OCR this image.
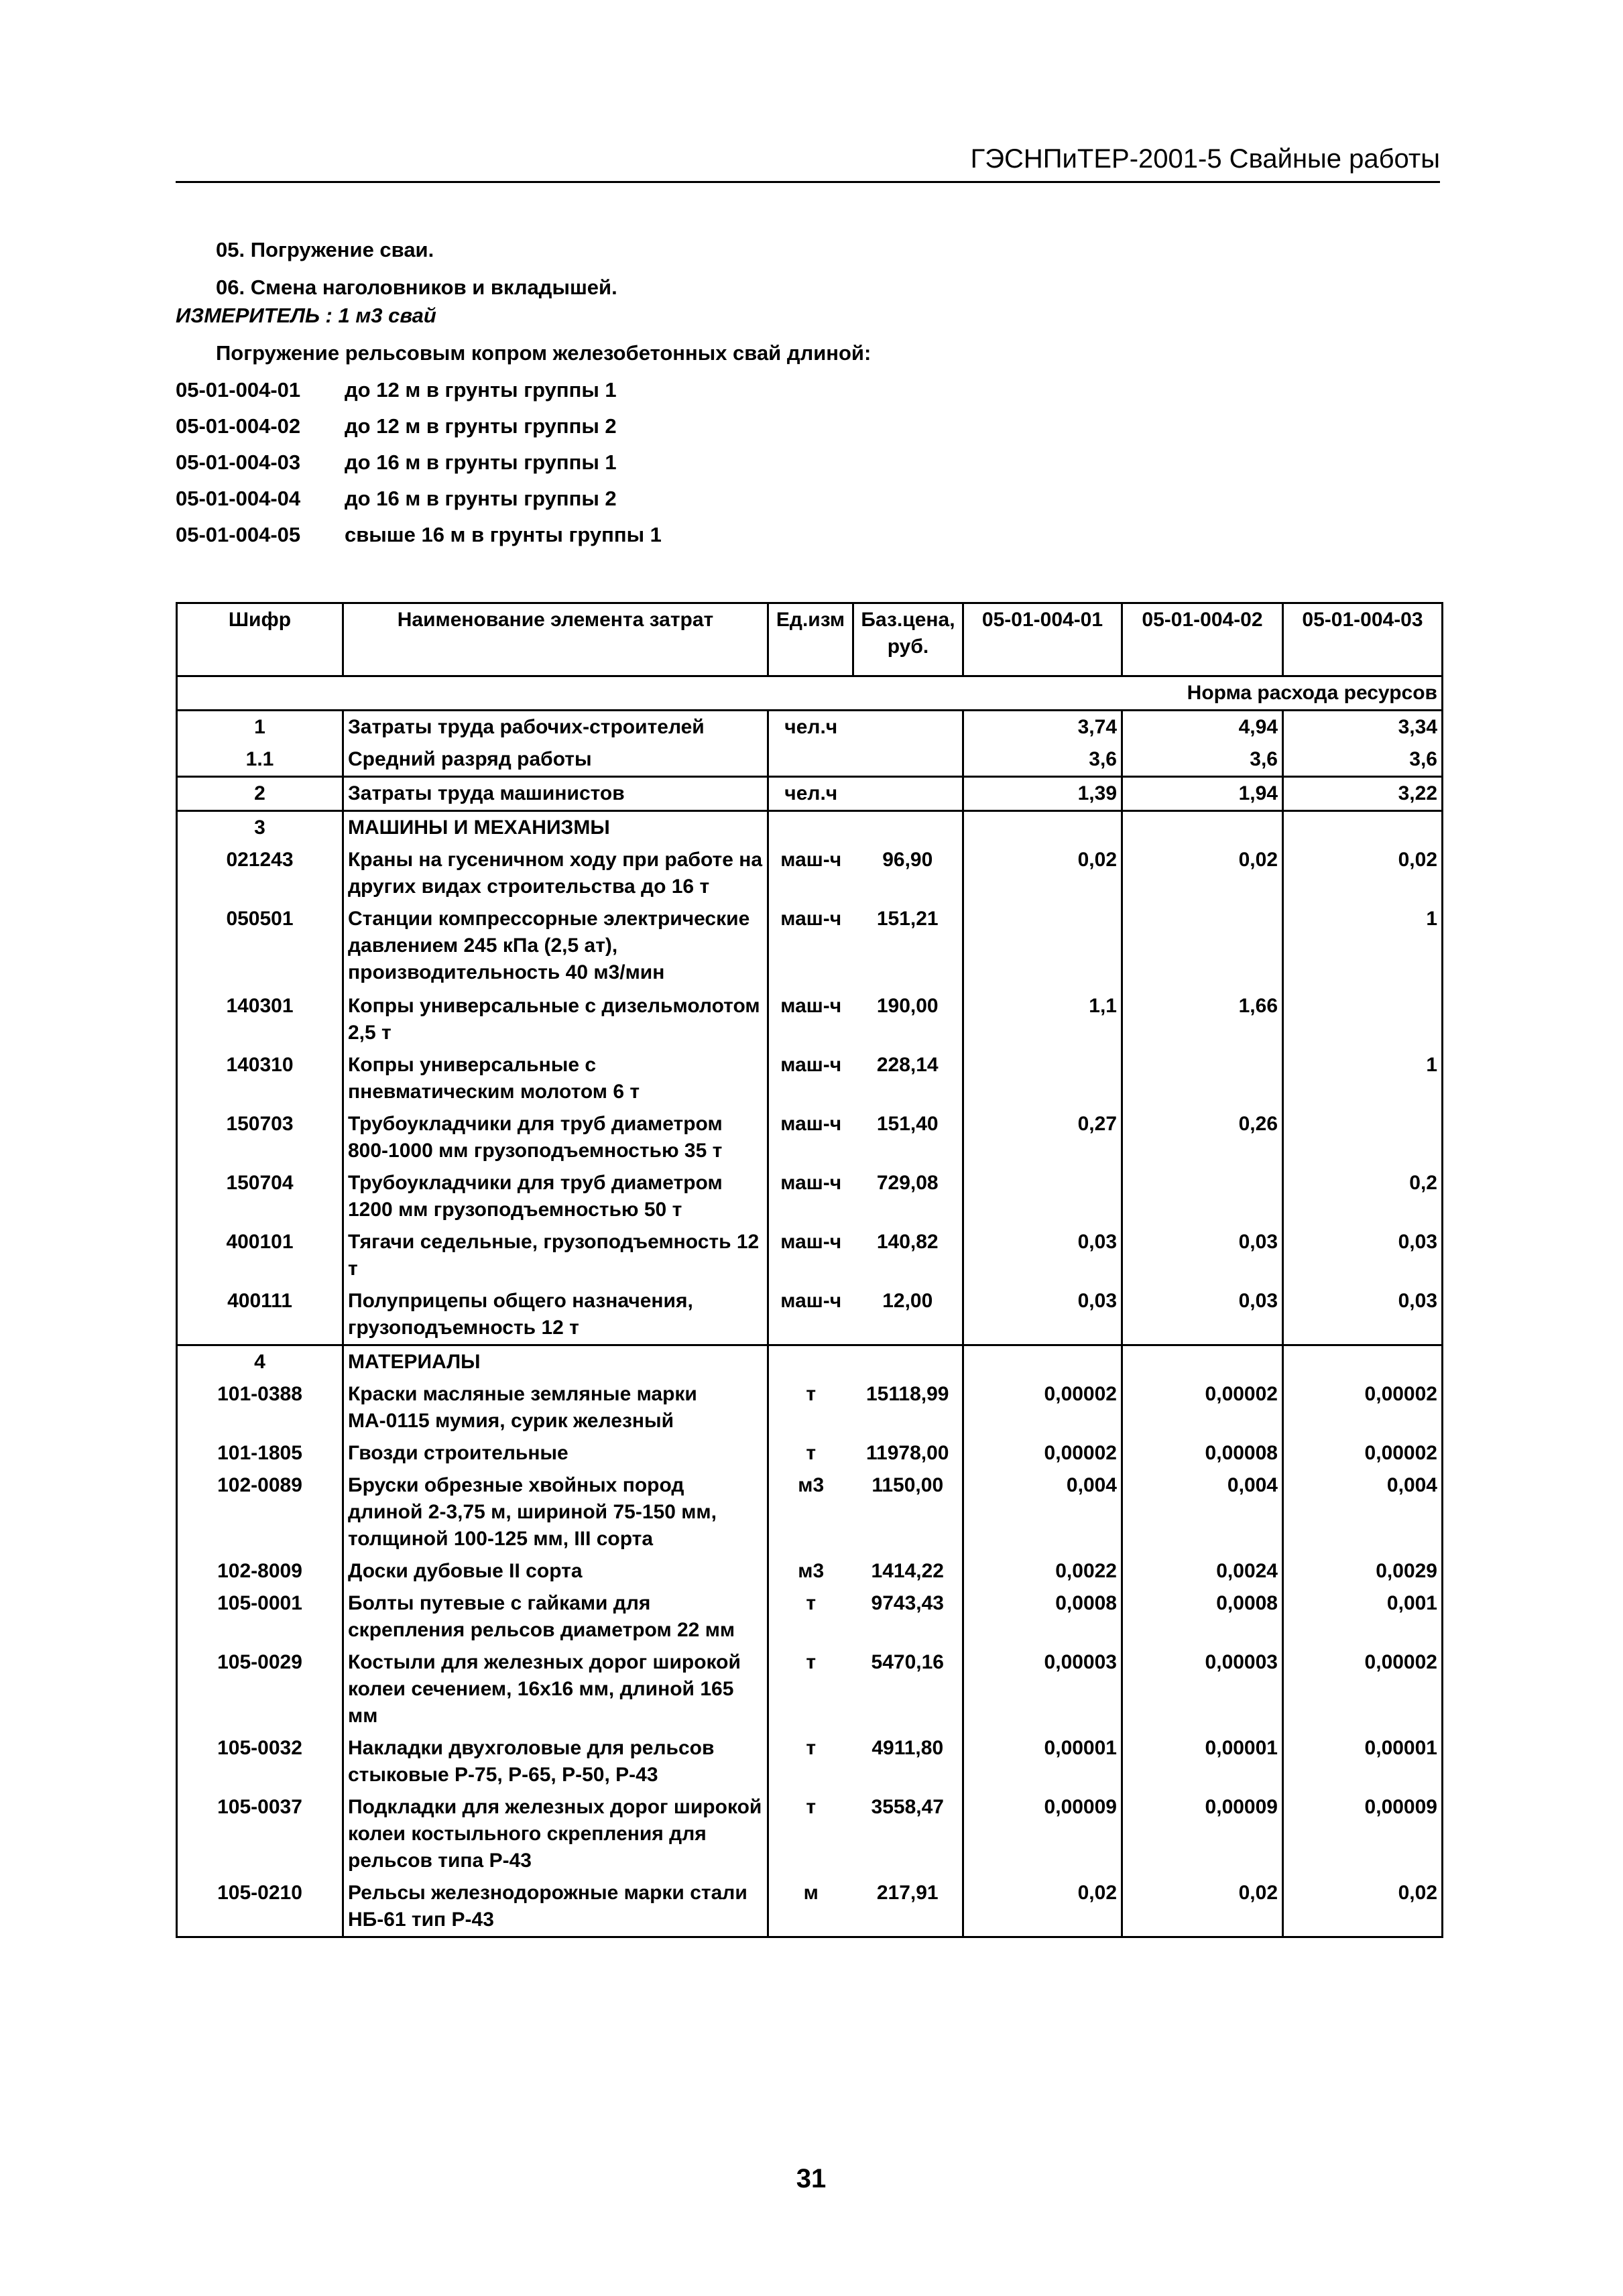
ГЭСНПиТЕР-2001-5 Свайные работы
05. Погружение сваи.
06. Смена наголовников и вкладышей.
ИЗМЕРИТЕЛЬ : 1 м3 свай
Погружение рельсовым копром железобетонных свай длиной:
05-01-004-01	до 12 м в грунты группы 1
05-01-004-02	до 12 м в грунты группы 2
05-01-004-03	до 16 м в грунты группы 1
05-01-004-04	до 16 м в грунты группы 2
05-01-004-05	свыше 16 м в грунты группы 1
Шифр	Наименование элемента затрат	Ед.изм	Баз.цена, руб.	05-01-004-01	05-01-004-02	05-01-004-03
	Норма расхода ресурсов					
1	Затраты труда рабочих-строителей	чел.ч		3,74	4,94	3,34
1.1	Средний разряд работы			3,6	3,6	3,6
2	Затраты труда машинистов	чел.ч		1,39	1,94	3,22
3	МАШИНЫ И МЕХАНИЗМЫ					
021243	Краны на гусеничном ходу при работе на других видах строительства до 16 т	маш-ч	96,90	0,02	0,02	0,02
050501	Станции компрессорные электрические давлением 245 кПа (2,5 ат), производительность 40 м3/мин	маш-ч	151,21			1
140301	Копры универсальные с дизельмолотом 2,5 т	маш-ч	190,00	1,1	1,66	
140310	Копры универсальные с пневматическим молотом 6 т	маш-ч	228,14			1
150703	Трубоукладчики для труб диаметром 800-1000 мм грузоподъемностью 35 т	маш-ч	151,40	0,27	0,26	
150704	Трубоукладчики для труб диаметром 1200 мм грузоподъемностью 50 т	маш-ч	729,08			0,2
400101	Тягачи седельные, грузоподъемность 12 т	маш-ч	140,82	0,03	0,03	0,03
400111	Полуприцепы общего назначения, грузоподъемность 12 т	маш-ч	12,00	0,03	0,03	0,03
4	МАТЕРИАЛЫ					
101-0388	Краски масляные земляные марки МА-0115 мумия, сурик железный	т	15118,99	0,00002	0,00002	0,00002
101-1805	Гвозди строительные	т	11978,00	0,00002	0,00008	0,00002
102-0089	Бруски обрезные хвойных пород длиной 2-3,75 м, шириной 75-150 мм, толщиной 100-125 мм, III сорта	м3	1150,00	0,004	0,004	0,004
102-8009	Доски дубовые II сорта	м3	1414,22	0,0022	0,0024	0,0029
105-0001	Болты путевые с гайками для скрепления рельсов диаметром 22 мм	т	9743,43	0,0008	0,0008	0,001
105-0029	Костыли для железных дорог широкой колеи сечением, 16х16 мм, длиной 165 мм	т	5470,16	0,00003	0,00003	0,00002
105-0032	Накладки двухголовые для рельсов стыковые Р-75, Р-65, Р-50, Р-43	т	4911,80	0,00001	0,00001	0,00001
105-0037	Подкладки для железных дорог широкой колеи костыльного скрепления для рельсов типа Р-43	т	3558,47	0,00009	0,00009	0,00009
105-0210	Рельсы железнодорожные марки стали НБ-61 тип Р-43	м	217,91	0,02	0,02	0,02
31
